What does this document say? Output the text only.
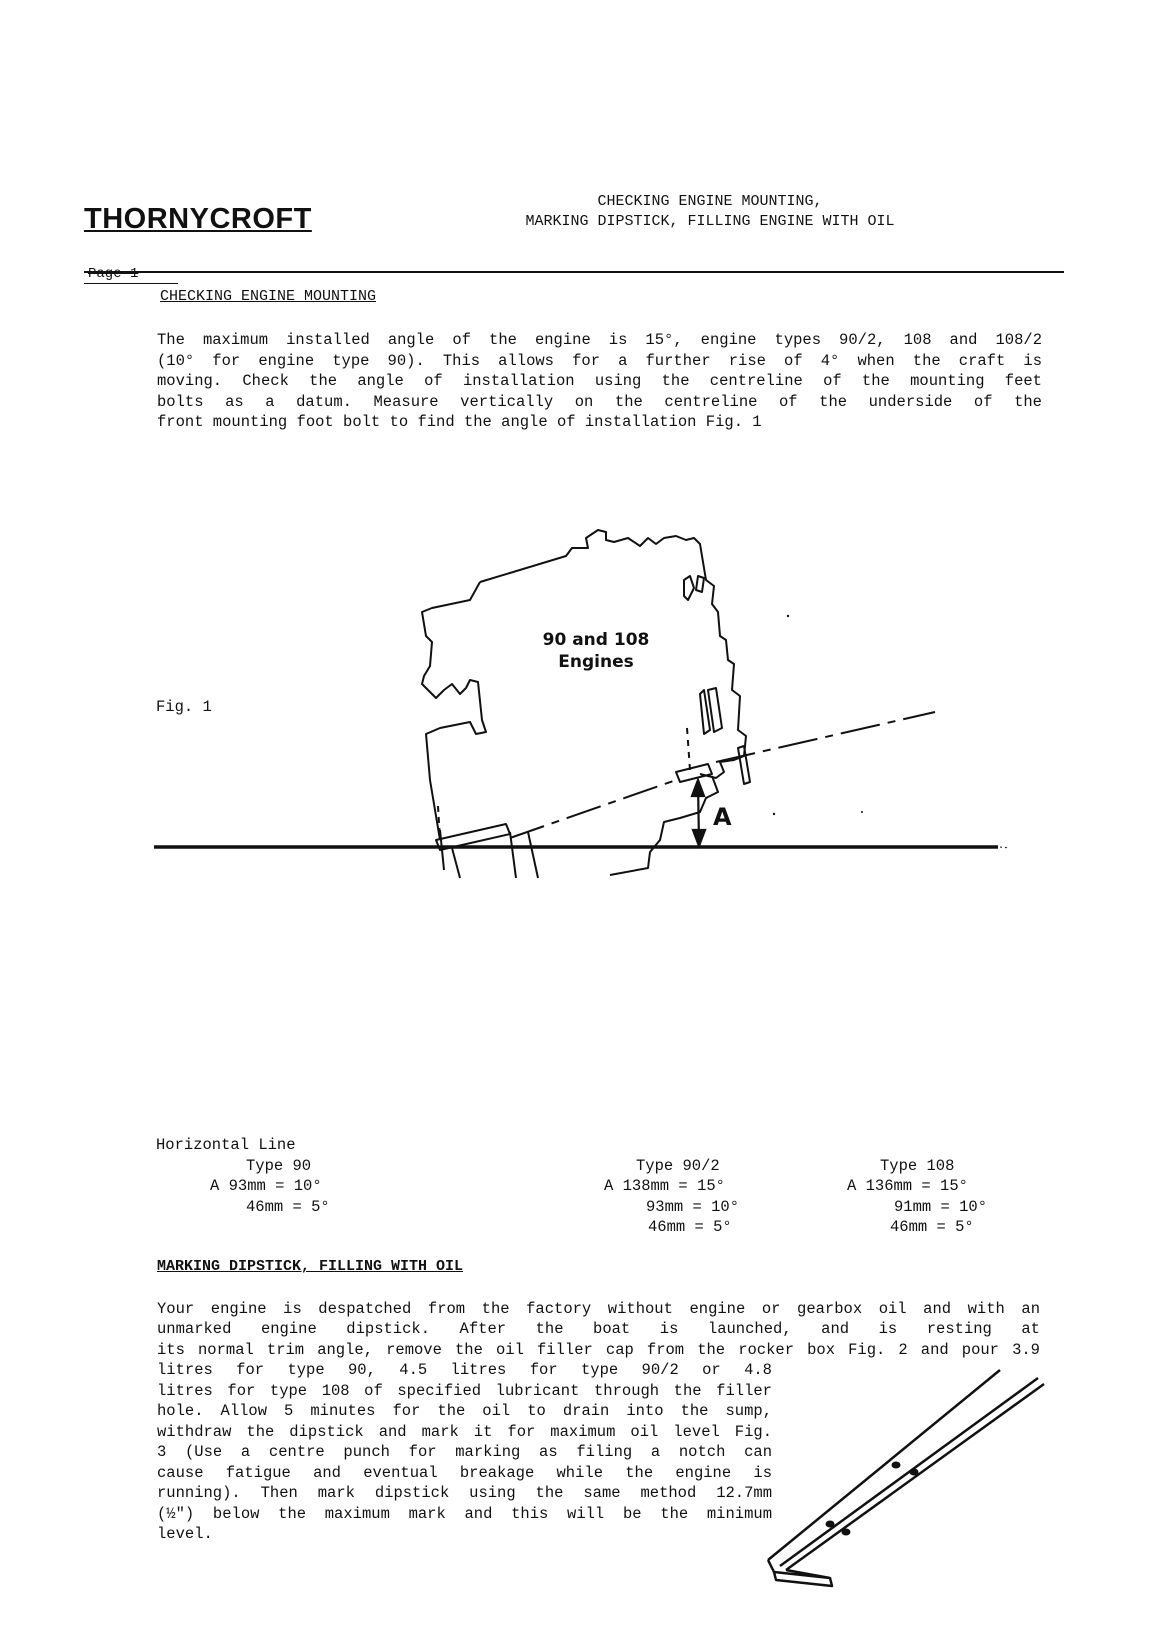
THORNYCROFT
CHECKING ENGINE MOUNTING,
MARKING DIPSTICK, FILLING ENGINE WITH OIL
Page 1
CHECKING ENGINE MOUNTING

The maximum installed angle of the engine is 15°, engine types 90/2, 108 and 108/2

(10° for engine type 90). This allows for a further rise of 4° when the craft is

moving. Check the angle of installation using the centreline of the mounting feet

bolts as a datum. Measure vertically on the centreline of the underside of the

front mounting foot bolt to find the angle of installation Fig. 1

Fig. 1
90 and 108
Engines
A
Horizontal Line
Type 90
A 93mm = 10°
46mm = 5°
Type 90/2
A 138mm = 15°
93mm = 10°
46mm = 5°
Type 108
A 136mm = 15°
91mm = 10°
46mm = 5°
MARKING DIPSTICK, FILLING WITH OIL

Your engine is despatched from the factory without engine or gearbox oil and with an

unmarked engine dipstick. After the boat is launched, and is resting at

its normal trim angle, remove the oil filler cap from the rocker box Fig. 2 and pour 3.9

litres for type 90, 4.5 litres for type 90/2 or 4.8

litres for type 108 of specified lubricant through the filler

hole. Allow 5 minutes for the oil to drain into the sump,

withdraw the dipstick and mark it for maximum oil level Fig.

3 (Use a centre punch for marking as filing a notch can

cause fatigue and eventual breakage while the engine is

running). Then mark dipstick using the same method 12.7mm

(½") below the maximum mark and this will be the minimum

level.
